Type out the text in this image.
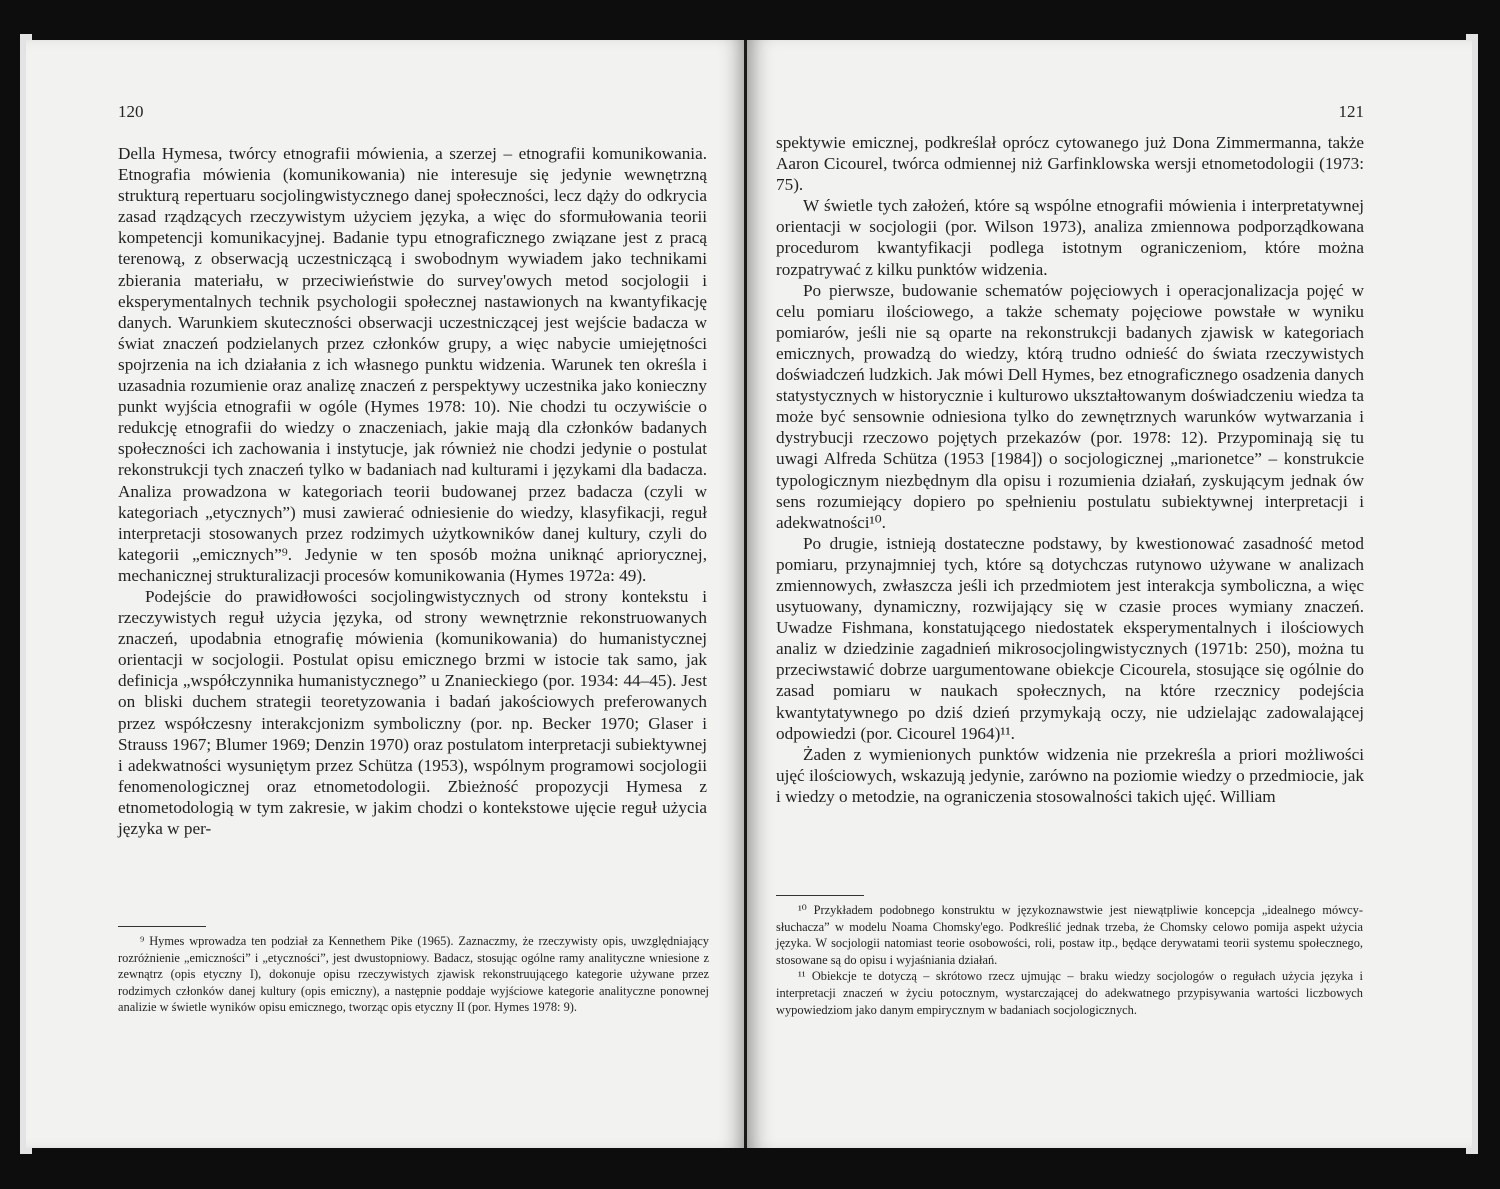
120

Della Hymesa, twórcy etnografii mówienia, a szerzej – etnografii komunikowania. Etnografia mówienia (komunikowania) nie interesuje się jedynie wewnętrzną strukturą repertuaru socjolingwistycznego danej społeczności, lecz dąży do odkrycia zasad rządzących rzeczywistym użyciem języka, a więc do sformułowania teorii kompetencji komunikacyjnej. Badanie typu etnograficznego związane jest z pracą terenową, z obserwacją uczestniczącą i swobodnym wywiadem jako technikami zbierania materiału, w przeciwieństwie do survey'owych metod socjologii i eksperymentalnych technik psychologii społecznej nastawionych na kwantyfikację danych. Warunkiem skuteczności obserwacji uczestniczącej jest wejście badacza w świat znaczeń podzielanych przez członków grupy, a więc nabycie umiejętności spojrzenia na ich działania z ich własnego punktu widzenia. Warunek ten określa i uzasadnia rozumienie oraz analizę znaczeń z perspektywy uczestnika jako konieczny punkt wyjścia etnografii w ogóle (Hymes 1978: 10). Nie chodzi tu oczywiście o redukcję etnografii do wiedzy o znaczeniach, jakie mają dla członków badanych społeczności ich zachowania i instytucje, jak również nie chodzi jedynie o postulat rekonstrukcji tych znaczeń tylko w badaniach nad kulturami i językami dla badacza. Analiza prowadzona w kategoriach teorii budowanej przez badacza (czyli w kategoriach „etycznych”) musi zawierać odniesienie do wiedzy, klasyfikacji, reguł interpretacji stosowanych przez rodzimych użytkowników danej kultury, czyli do kategorii „emicznych”⁹. Jedynie w ten sposób można uniknąć apriorycznej, mechanicznej strukturalizacji procesów komunikowania (Hymes 1972a: 49).

Podejście do prawidłowości socjolingwistycznych od strony kontekstu i rzeczywistych reguł użycia języka, od strony wewnętrznie rekonstruowanych znaczeń, upodabnia etnografię mówienia (komunikowania) do humanistycznej orientacji w socjologii. Postulat opisu emicznego brzmi w istocie tak samo, jak definicja „współczynnika humanistycznego” u Znanieckiego (por. 1934: 44–45). Jest on bliski duchem strategii teoretyzowania i badań jakościowych preferowanych przez współczesny interakcjonizm symboliczny (por. np. Becker 1970; Glaser i Strauss 1967; Blumer 1969; Denzin 1970) oraz postulatom interpretacji subiektywnej i adekwatności wysuniętym przez Schütza (1953), wspólnym programowi socjologii fenomenologicznej oraz etnometodologii. Zbieżność propozycji Hymesa z etnometodologią w tym zakresie, w jakim chodzi o kontekstowe ujęcie reguł użycia języka w per-

⁹ Hymes wprowadza ten podział za Kennethem Pike (1965). Zaznaczmy, że rzeczywisty opis, uwzględniający rozróżnienie „emiczności” i „etyczności”, jest dwustopniowy. Badacz, stosując ogólne ramy analityczne wniesione z zewnątrz (opis etyczny I), dokonuje opisu rzeczywistych zjawisk rekonstruującego kategorie używane przez rodzimych członków danej kultury (opis emiczny), a następnie poddaje wyjściowe kategorie analityczne ponownej analizie w świetle wyników opisu emicznego, tworząc opis etyczny II (por. Hymes 1978: 9).

121

spektywie emicznej, podkreślał oprócz cytowanego już Dona Zimmermanna, także Aaron Cicourel, twórca odmiennej niż Garfinklowska wersji etnometodologii (1973: 75).

W świetle tych założeń, które są wspólne etnografii mówienia i interpretatywnej orientacji w socjologii (por. Wilson 1973), analiza zmiennowa podporządkowana procedurom kwantyfikacji podlega istotnym ograniczeniom, które można rozpatrywać z kilku punktów widzenia.

Po pierwsze, budowanie schematów pojęciowych i operacjonalizacja pojęć w celu pomiaru ilościowego, a także schematy pojęciowe powstałe w wyniku pomiarów, jeśli nie są oparte na rekonstrukcji badanych zjawisk w kategoriach emicznych, prowadzą do wiedzy, którą trudno odnieść do świata rzeczywistych doświadczeń ludzkich. Jak mówi Dell Hymes, bez etnograficznego osadzenia danych statystycznych w historycznie i kulturowo ukształtowanym doświadczeniu wiedza ta może być sensownie odniesiona tylko do zewnętrznych warunków wytwarzania i dystrybucji rzeczowo pojętych przekazów (por. 1978: 12). Przypominają się tu uwagi Alfreda Schütza (1953 [1984]) o socjologicznej „marionetce” – konstrukcie typologicznym niezbędnym dla opisu i rozumienia działań, zyskującym jednak ów sens rozumiejący dopiero po spełnieniu postulatu subiektywnej interpretacji i adekwatności¹⁰.

Po drugie, istnieją dostateczne podstawy, by kwestionować zasadność metod pomiaru, przynajmniej tych, które są dotychczas rutynowo używane w analizach zmiennowych, zwłaszcza jeśli ich przedmiotem jest interakcja symboliczna, a więc usytuowany, dynamiczny, rozwijający się w czasie proces wymiany znaczeń. Uwadze Fishmana, konstatującego niedostatek eksperymentalnych i ilościowych analiz w dziedzinie zagadnień mikrosocjolingwistycznych (1971b: 250), można tu przeciwstawić dobrze uargumentowane obiekcje Cicourela, stosujące się ogólnie do zasad pomiaru w naukach społecznych, na które rzecznicy podejścia kwantytatywnego po dziś dzień przymykają oczy, nie udzielając zadowalającej odpowiedzi (por. Cicourel 1964)¹¹.

Żaden z wymienionych punktów widzenia nie przekreśla a priori możliwości ujęć ilościowych, wskazują jedynie, zarówno na poziomie wiedzy o przedmiocie, jak i wiedzy o metodzie, na ograniczenia stosowalności takich ujęć. William

¹⁰ Przykładem podobnego konstruktu w językoznawstwie jest niewątpliwie koncepcja „idealnego mówcy-słuchacza” w modelu Noama Chomsky'ego. Podkreślić jednak trzeba, że Chomsky celowo pomija aspekt użycia języka. W socjologii natomiast teorie osobowości, roli, postaw itp., będące derywatami teorii systemu społecznego, stosowane są do opisu i wyjaśniania działań.

¹¹ Obiekcje te dotyczą – skrótowo rzecz ujmując – braku wiedzy socjologów o regułach użycia języka i interpretacji znaczeń w życiu potocznym, wystarczającej do adekwatnego przypisywania wartości liczbowych wypowiedziom jako danym empirycznym w badaniach socjologicznych.
